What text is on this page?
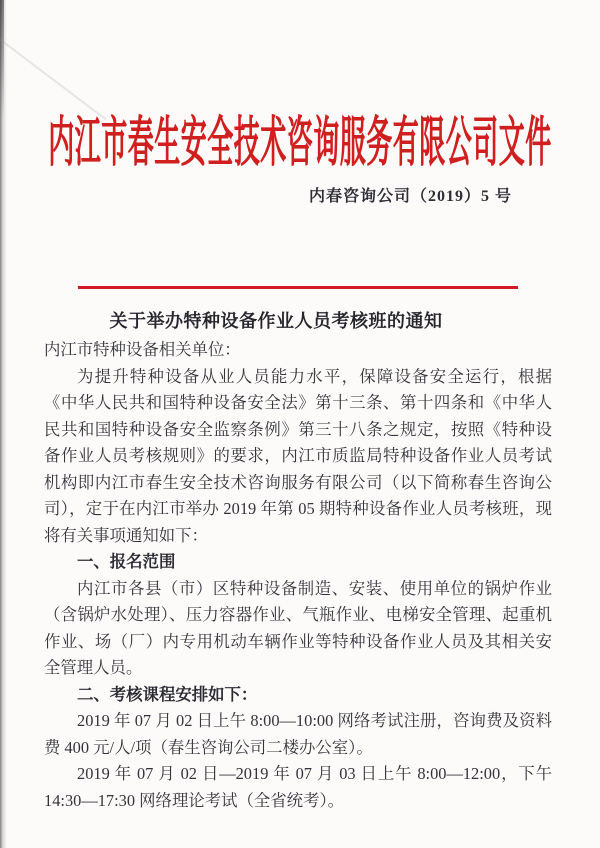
内江市春生安全技术咨询服务有限公司文件
内春咨询公司（2019）5 号
关于举办特种设备作业人员考核班的通知

内江市特种设备相关单位：

为提升特种设备从业人员能力水平，保障设备安全运行，根据《中华人民共和国特种设备安全法》第十三条、第十四条和《中华人民共和国特种设备安全监察条例》第三十八条之规定，按照《特种设备作业人员考核规则》的要求，内江市质监局特种设备作业人员考试机构即内江市春生安全技术咨询服务有限公司（以下简称春生咨询公司），定于在内江市举办 2019 年第 05 期特种设备作业人员考核班，现将有关事项通知如下：

一、报名范围

内江市各县（市）区特种设备制造、安装、使用单位的锅炉作业（含锅炉水处理）、压力容器作业、气瓶作业、电梯安全管理、起重机作业、场（厂）内专用机动车辆作业等特种设备作业人员及其相关安全管理人员。

二、考核课程安排如下：

2019 年 07 月 02 日上午 8:00—10:00 网络考试注册，咨询费及资料费 400 元/人/项（春生咨询公司二楼办公室）。

2019 年 07 月 02 日—2019 年 07 月 03 日上午 8:00—12:00，下午 14:30—17:30 网络理论考试（全省统考）。
